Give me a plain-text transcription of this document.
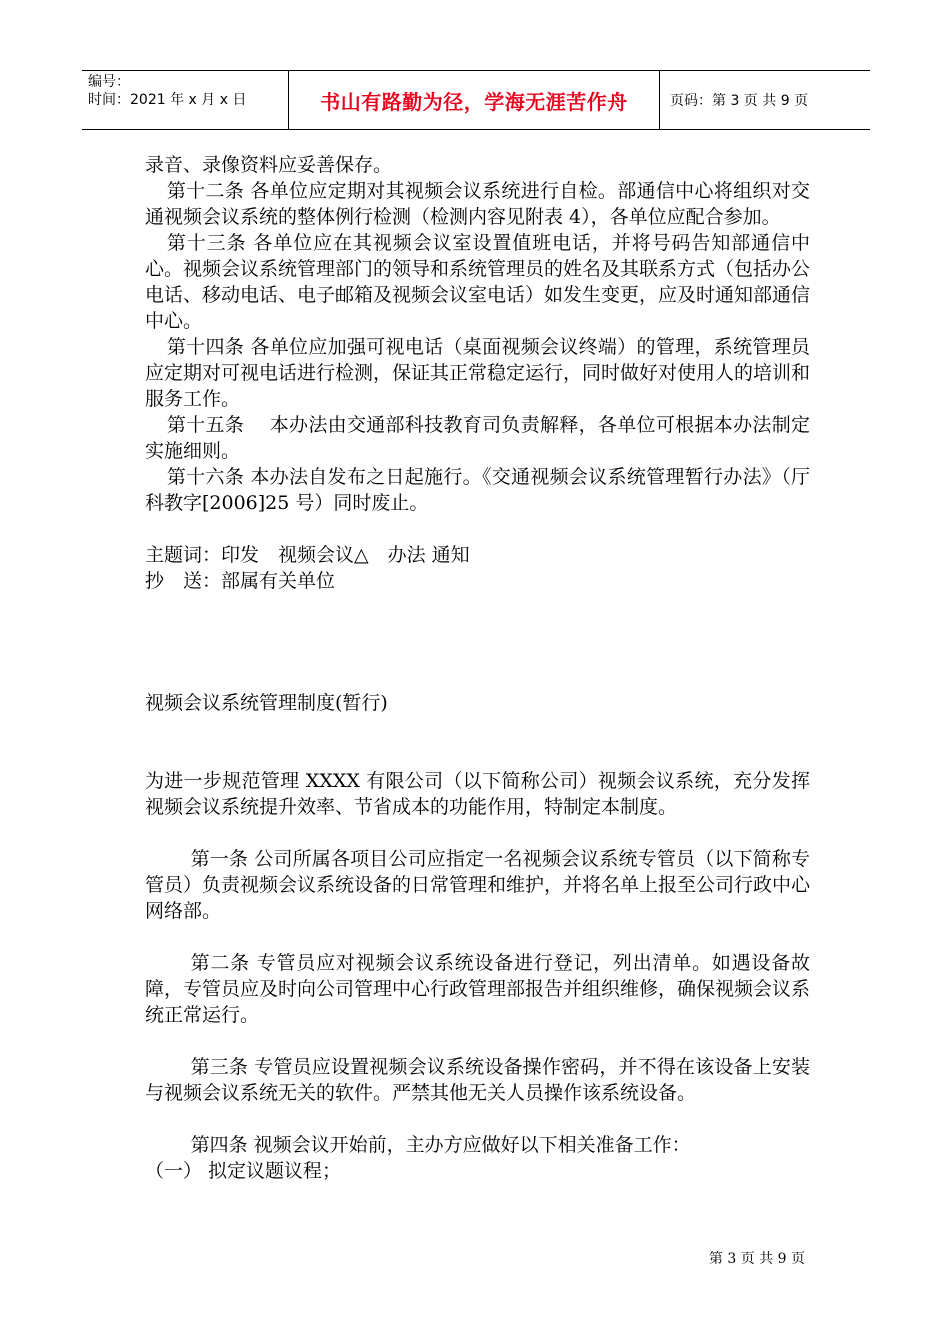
编号：
时间：2021 年 x 月 x 日	书山有路勤为径，学海无涯苦作舟	页码：第 3 页 共 9 页

录音、录像资料应妥善保存。

第十二条 各单位应定期对其视频会议系统进行自检。部通信中心将组织对交通视频会议系统的整体例行检测（检测内容见附表 4），各单位应配合参加。

第十三条 各单位应在其视频会议室设置值班电话，并将号码告知部通信中心。视频会议系统管理部门的领导和系统管理员的姓名及其联系方式（包括办公电话、移动电话、电子邮箱及视频会议室电话）如发生变更，应及时通知部通信中心。

第十四条 各单位应加强可视电话（桌面视频会议终端）的管理，系统管理员应定期对可视电话进行检测，保证其正常稳定运行，同时做好对使用人的培训和服务工作。

第十五条　 本办法由交通部科技教育司负责解释，各单位可根据本办法制定实施细则。

第十六条 本办法自发布之日起施行。《交通视频会议系统管理暂行办法》（厅科教字[2006]25 号）同时废止。

主题词：印发　视频会议△　办法 通知

抄　送：部属有关单位

视频会议系统管理制度(暂行)

为进一步规范管理 XXXX 有限公司（以下简称公司）视频会议系统，充分发挥视频会议系统提升效率、节省成本的功能作用，特制定本制度。

第一条 公司所属各项目公司应指定一名视频会议系统专管员（以下简称专管员）负责视频会议系统设备的日常管理和维护，并将名单上报至公司行政中心网络部。

第二条 专管员应对视频会议系统设备进行登记，列出清单。如遇设备故障，专管员应及时向公司管理中心行政管理部报告并组织维修，确保视频会议系统正常运行。

第三条 专管员应设置视频会议系统设备操作密码，并不得在该设备上安装与视频会议系统无关的软件。严禁其他无关人员操作该系统设备。

第四条 视频会议开始前，主办方应做好以下相关准备工作：

（一） 拟定议题议程；

第 3 页 共 9 页
